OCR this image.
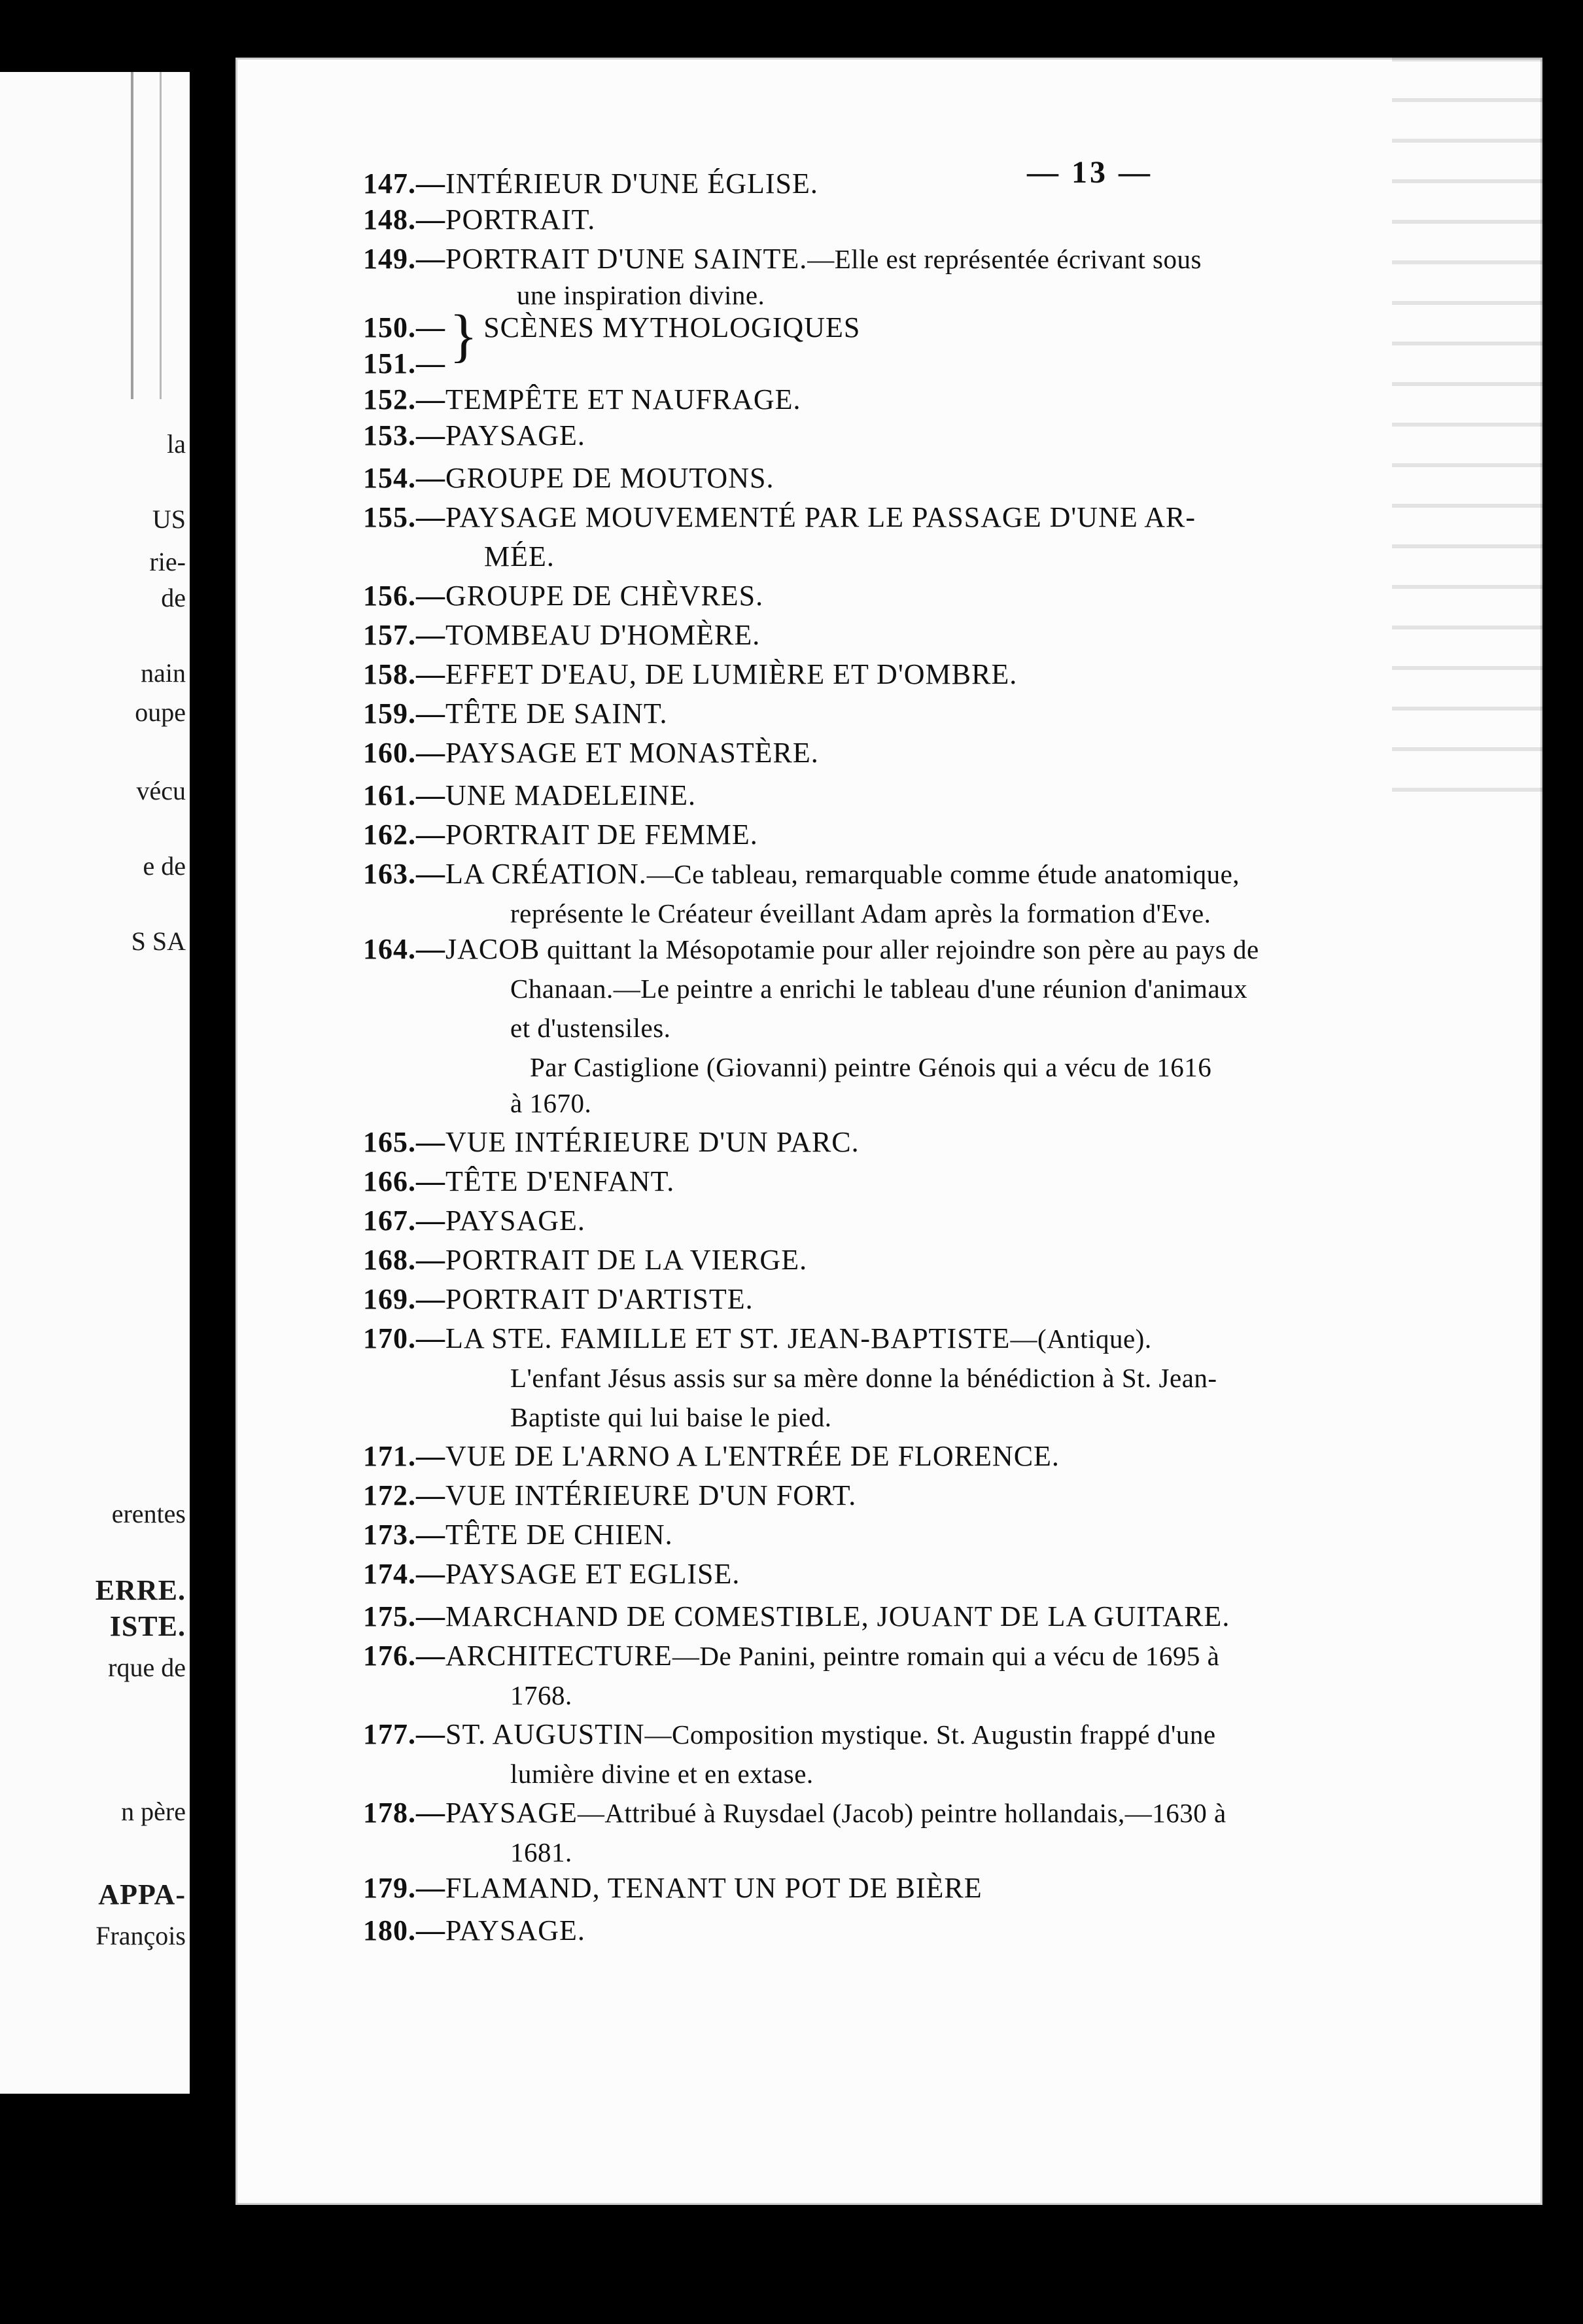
la
US
rie-
de
nain
oupe
vécu
e de
S SA
erentes
ERRE.
ISTE.
rque de
n père
APPA-
François
— 13 —
147.—INTÉRIEUR D'UNE ÉGLISE.
148.—PORTRAIT.
149.—PORTRAIT D'UNE SAINTE.—Elle est représentée écrivant sous
une inspiration divine.
150.—} SCÈNES MYTHOLOGIQUES
151.—
152.—TEMPÊTE ET NAUFRAGE.
153.—PAYSAGE.
154.—GROUPE DE MOUTONS.
155.—PAYSAGE MOUVEMENTÉ PAR LE PASSAGE D'UNE AR-
MÉE.
156.—GROUPE DE CHÈVRES.
157.—TOMBEAU D'HOMÈRE.
158.—EFFET D'EAU, DE LUMIÈRE ET D'OMBRE.
159.—TÊTE DE SAINT.
160.—PAYSAGE ET MONASTÈRE.
161.—UNE MADELEINE.
162.—PORTRAIT DE FEMME.
163.—LA CRÉATION.—Ce tableau, remarquable comme étude anatomique,
représente le Créateur éveillant Adam après la formation d'Eve.
164.—JACOB quittant la Mésopotamie pour aller rejoindre son père au pays de
Chanaan.—Le peintre a enrichi le tableau d'une réunion d'animaux
et d'ustensiles.
Par Castiglione (Giovanni) peintre Génois qui a vécu de 1616
à 1670.
165.—VUE INTÉRIEURE D'UN PARC.
166.—TÊTE D'ENFANT.
167.—PAYSAGE.
168.—PORTRAIT DE LA VIERGE.
169.—PORTRAIT D'ARTISTE.
170.—LA STE. FAMILLE ET ST. JEAN-BAPTISTE—(Antique).
L'enfant Jésus assis sur sa mère donne la bénédiction à St. Jean-
Baptiste qui lui baise le pied.
171.—VUE DE L'ARNO A L'ENTRÉE DE FLORENCE.
172.—VUE INTÉRIEURE D'UN FORT.
173.—TÊTE DE CHIEN.
174.—PAYSAGE ET EGLISE.
175.—MARCHAND DE COMESTIBLE, JOUANT DE LA GUITARE.
176.—ARCHITECTURE—De Panini, peintre romain qui a vécu de 1695 à
1768.
177.—ST. AUGUSTIN—Composition mystique. St. Augustin frappé d'une
lumière divine et en extase.
178.—PAYSAGE—Attribué à Ruysdael (Jacob) peintre hollandais,—1630 à
1681.
179.—FLAMAND, TENANT UN POT DE BIÈRE
180.—PAYSAGE.
